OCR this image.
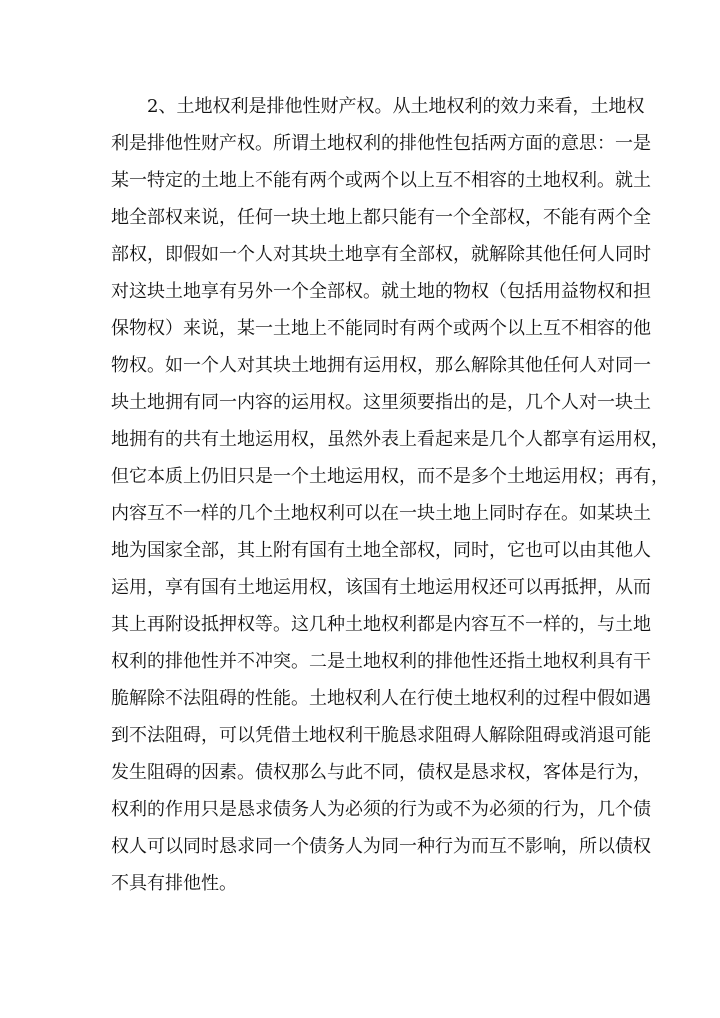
2、土地权利是排他性财产权。从土地权利的效力来看，土地权
利是排他性财产权。所谓土地权利的排他性包括两方面的意思：一是
某一特定的土地上不能有两个或两个以上互不相容的土地权利。就土
地全部权来说，任何一块土地上都只能有一个全部权，不能有两个全
部权，即假如一个人对其块土地享有全部权，就解除其他任何人同时
对这块土地享有另外一个全部权。就土地的物权（包括用益物权和担
保物权）来说，某一土地上不能同时有两个或两个以上互不相容的他
物权。如一个人对其块土地拥有运用权，那么解除其他任何人对同一
块土地拥有同一内容的运用权。这里须要指出的是，几个人对一块土
地拥有的共有土地运用权，虽然外表上看起来是几个人都享有运用权，
但它本质上仍旧只是一个土地运用权，而不是多个土地运用权；再有，
内容互不一样的几个土地权利可以在一块土地上同时存在。如某块土
地为国家全部，其上附有国有土地全部权，同时，它也可以由其他人
运用，享有国有土地运用权，该国有土地运用权还可以再抵押，从而
其上再附设抵押权等。这几种土地权利都是内容互不一样的，与土地
权利的排他性并不冲突。二是土地权利的排他性还指土地权利具有干
脆解除不法阻碍的性能。土地权利人在行使土地权利的过程中假如遇
到不法阻碍，可以凭借土地权利干脆恳求阻碍人解除阻碍或消退可能
发生阻碍的因素。债权那么与此不同，债权是恳求权，客体是行为，
权利的作用只是恳求债务人为必须的行为或不为必须的行为，几个债
权人可以同时恳求同一个债务人为同一种行为而互不影响，所以债权
不具有排他性。
